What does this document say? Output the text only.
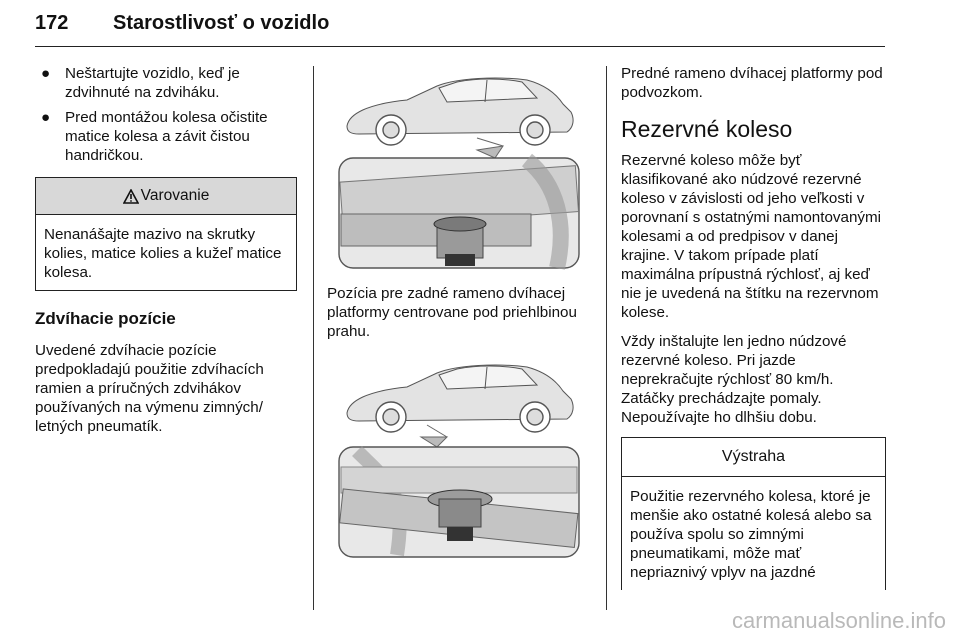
172 Starostlivosť o vozidlo
● Neštartujte vozidlo, keď je zdvihnuté na zdviháku.
● Pred montážou kolesa očistite matice kolesa a závit čistou handričkou.
Varovanie
Nenanášajte mazivo na skrutky kolies, matice kolies a kužeľ matice kolesa.
Zdvíhacie pozície

Uvedené zdvíhacie pozície predpokladajú použitie zdvíhacích ramien a príručných zdvihákov používaných na výmenu zimných/ letných pneumatík.

Pozícia pre zadné rameno dvíhacej platformy centrovane pod priehlbinou prahu.

Predné rameno dvíhacej platformy pod podvozkom.

Rezervné koleso

Rezervné koleso môže byť klasifikované ako núdzové rezervné koleso v závislosti od jeho veľkosti v porovnaní s ostatnými namontovanými kolesami a od predpisov v danej krajine. V takom prípade platí maximálna prípustná rýchlosť, aj keď nie je uvedená na štítku na rezervnom kolese.

Vždy inštalujte len jedno núdzové rezervné koleso. Pri jazde neprekračujte rýchlosť 80 km/h. Zatáčky prechádzajte pomaly. Nepoužívajte ho dlhšiu dobu.

Výstraha
Použitie rezervného kolesa, ktoré je menšie ako ostatné kolesá alebo sa používa spolu so zimnými pneumatikami, môže mať nepriaznivý vplyv na jazdné
carmanualsonline.info
